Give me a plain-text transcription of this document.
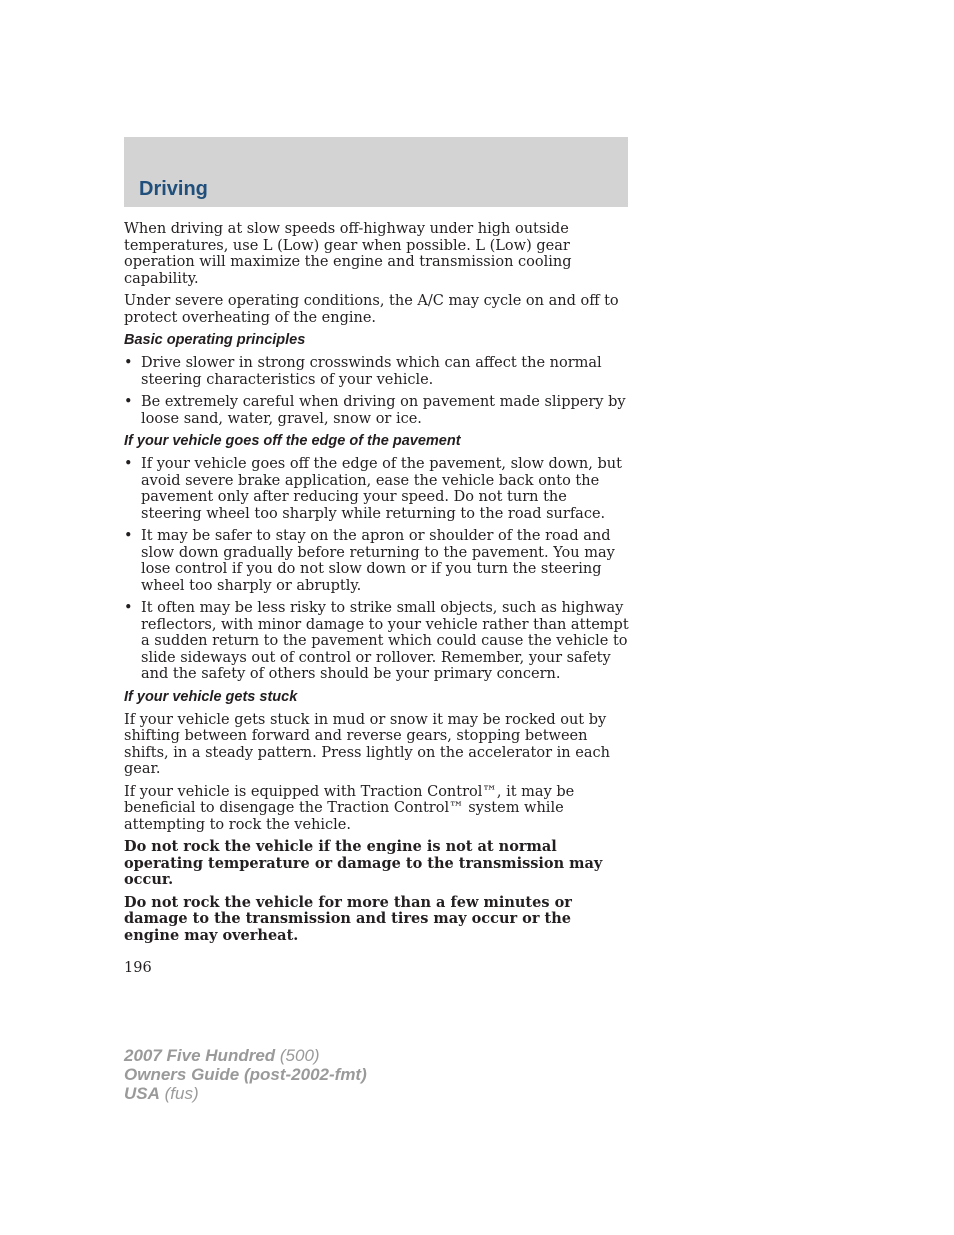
Driving

When driving at slow speeds off-highway under high outside temperatures, use L (Low) gear when possible. L (Low) gear operation will maximize the engine and transmission cooling capability.

Under severe operating conditions, the A/C may cycle on and off to protect overheating of the engine.

Basic operating principles
• Drive slower in strong crosswinds which can affect the normal steering characteristics of your vehicle.
• Be extremely careful when driving on pavement made slippery by loose sand, water, gravel, snow or ice.
If your vehicle goes off the edge of the pavement
• If your vehicle goes off the edge of the pavement, slow down, but avoid severe brake application, ease the vehicle back onto the pavement only after reducing your speed. Do not turn the steering wheel too sharply while returning to the road surface.
• It may be safer to stay on the apron or shoulder of the road and slow down gradually before returning to the pavement. You may lose control if you do not slow down or if you turn the steering wheel too sharply or abruptly.
• It often may be less risky to strike small objects, such as highway reflectors, with minor damage to your vehicle rather than attempt a sudden return to the pavement which could cause the vehicle to slide sideways out of control or rollover. Remember, your safety and the safety of others should be your primary concern.
If your vehicle gets stuck

If your vehicle gets stuck in mud or snow it may be rocked out by shifting between forward and reverse gears, stopping between shifts, in a steady pattern. Press lightly on the accelerator in each gear.

If your vehicle is equipped with Traction Control™, it may be beneficial to disengage the Traction Control™ system while attempting to rock the vehicle.

Do not rock the vehicle if the engine is not at normal operating temperature or damage to the transmission may occur.

Do not rock the vehicle for more than a few minutes or damage to the transmission and tires may occur or the engine may overheat.

196
2007 Five Hundred (500)
Owners Guide (post-2002-fmt)
USA (fus)
